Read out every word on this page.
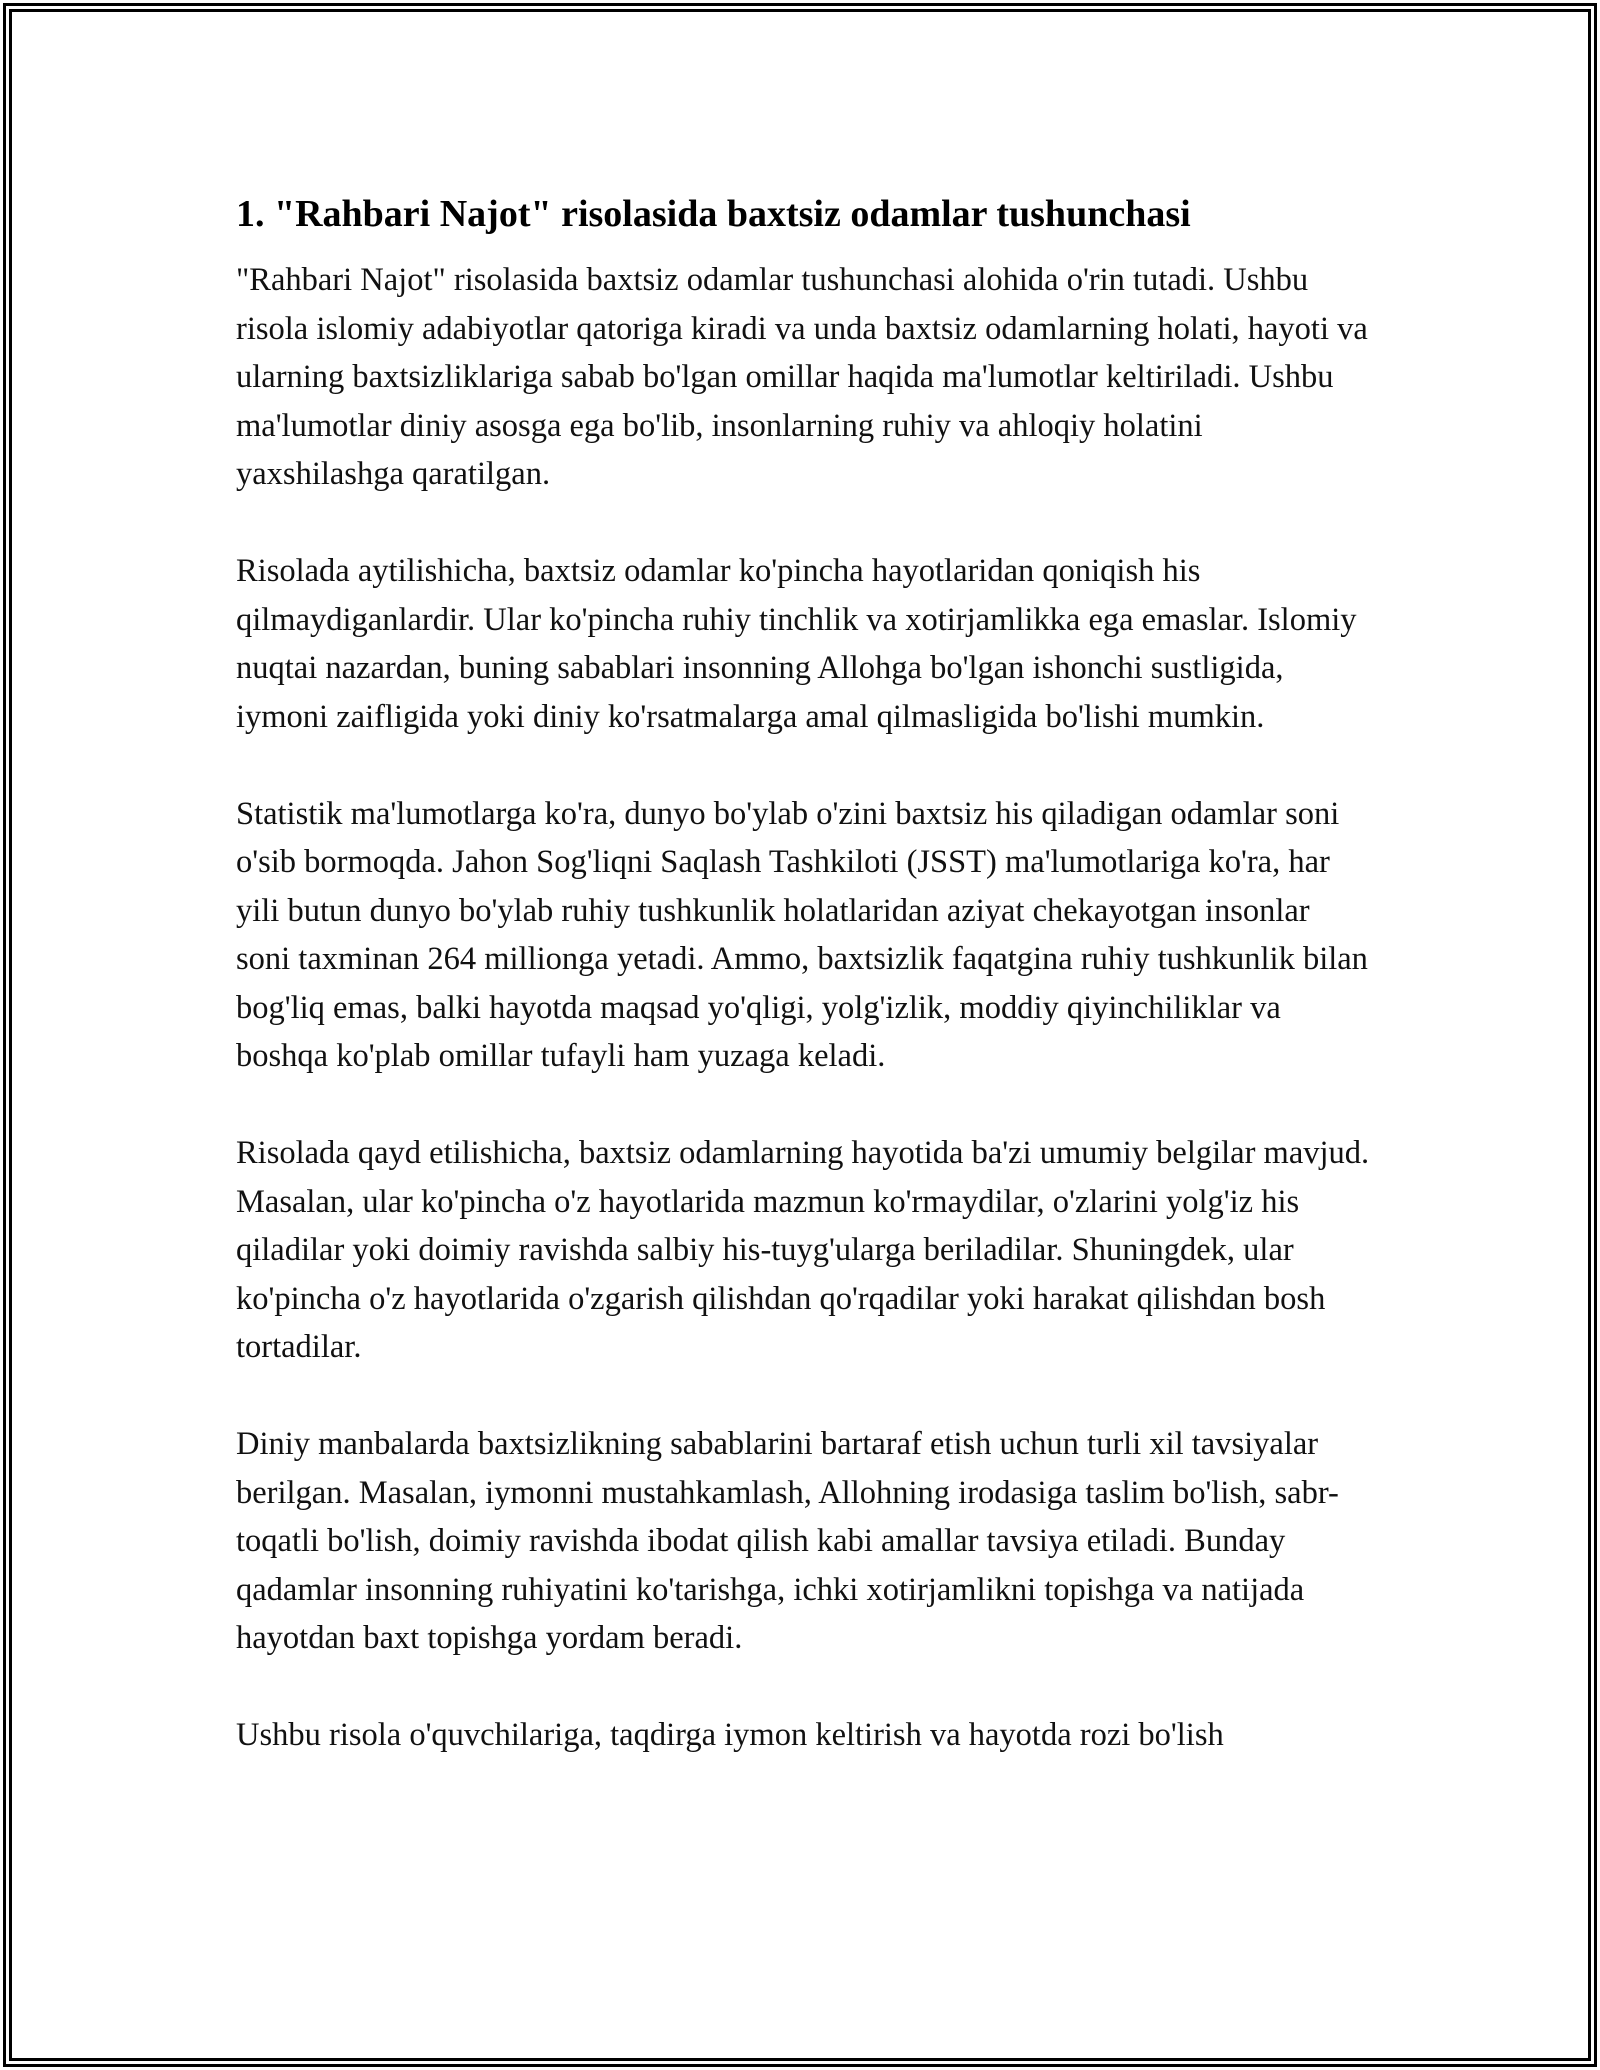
1. "Rahbari Najot" risolasida baxtsiz odamlar tushunchasi

"Rahbari Najot" risolasida baxtsiz odamlar tushunchasi alohida o'rin tutadi. Ushbu risola islomiy adabiyotlar qatoriga kiradi va unda baxtsiz odamlarning holati, hayoti va ularning baxtsizliklariga sabab bo'lgan omillar haqida ma'lumotlar keltiriladi. Ushbu ma'lumotlar diniy asosga ega bo'lib, insonlarning ruhiy va ahloqiy holatini yaxshilashga qaratilgan.

Risolada aytilishicha, baxtsiz odamlar ko'pincha hayotlaridan qoniqish his qilmaydiganlardir. Ular ko'pincha ruhiy tinchlik va xotirjamlikka ega emaslar. Islomiy nuqtai nazardan, buning sabablari insonning Allohga bo'lgan ishonchi sustligida, iymoni zaifligida yoki diniy ko'rsatmalarga amal qilmasligida bo'lishi mumkin.

Statistik ma'lumotlarga ko'ra, dunyo bo'ylab o'zini baxtsiz his qiladigan odamlar soni o'sib bormoqda. Jahon Sog'liqni Saqlash Tashkiloti (JSST) ma'lumotlariga ko'ra, har yili butun dunyo bo'ylab ruhiy tushkunlik holatlaridan aziyat chekayotgan insonlar soni taxminan 264 millionga yetadi. Ammo, baxtsizlik faqatgina ruhiy tushkunlik bilan bog'liq emas, balki hayotda maqsad yo'qligi, yolg'izlik, moddiy qiyinchiliklar va boshqa ko'plab omillar tufayli ham yuzaga keladi.

Risolada qayd etilishicha, baxtsiz odamlarning hayotida ba'zi umumiy belgilar mavjud. Masalan, ular ko'pincha o'z hayotlarida mazmun ko'rmaydilar, o'zlarini yolg'iz his qiladilar yoki doimiy ravishda salbiy his-tuyg'ularga beriladilar. Shuningdek, ular ko'pincha o'z hayotlarida o'zgarish qilishdan qo'rqadilar yoki harakat qilishdan bosh tortadilar.

Diniy manbalarda baxtsizlikning sabablarini bartaraf etish uchun turli xil tavsiyalar berilgan. Masalan, iymonni mustahkamlash, Allohning irodasiga taslim bo'lish, sabr-toqatli bo'lish, doimiy ravishda ibodat qilish kabi amallar tavsiya etiladi. Bunday qadamlar insonning ruhiyatini ko'tarishga, ichki xotirjamlikni topishga va natijada hayotdan baxt topishga yordam beradi.

Ushbu risola o'quvchilariga, taqdirga iymon keltirish va hayotda rozi bo'lish
